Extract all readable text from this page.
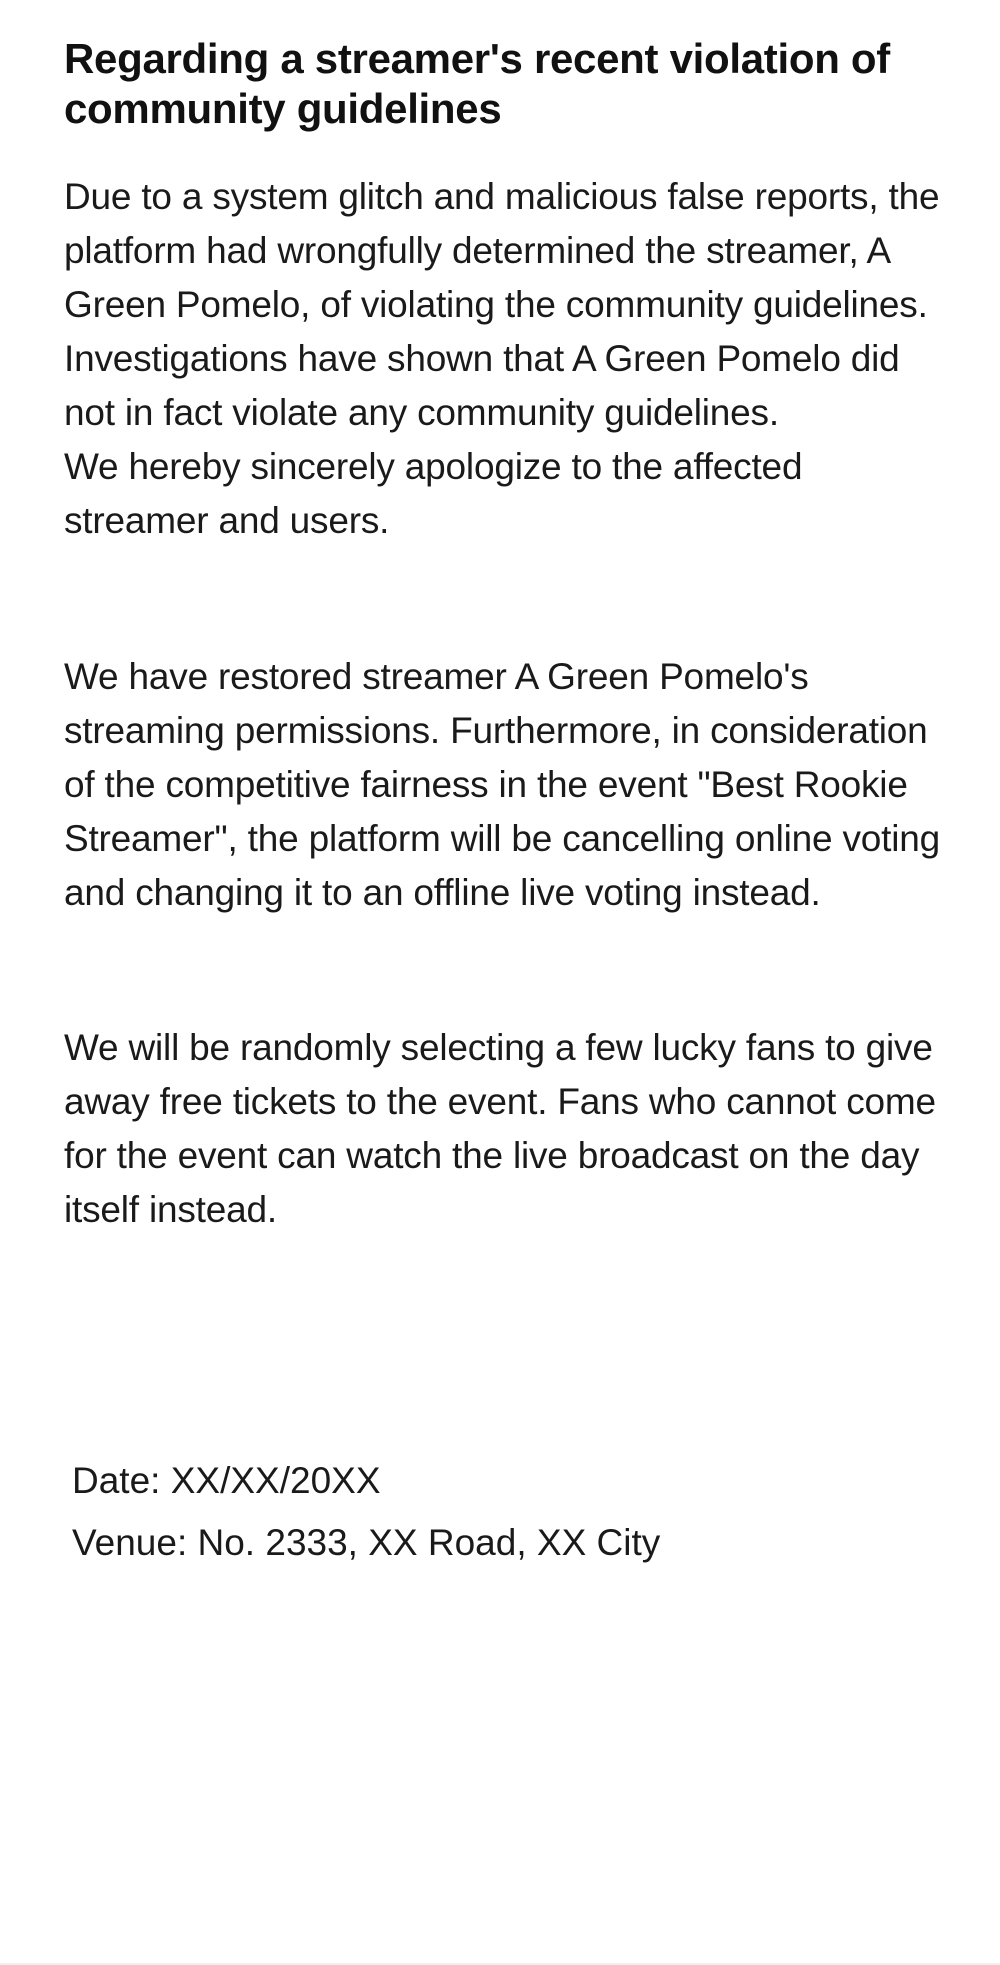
Regarding a streamer's recent violation of community guidelines

Due to a system glitch and malicious false reports, the platform had wrongfully determined the streamer, A Green Pomelo, of violating the community guidelines. Investigations have shown that A Green Pomelo did not in fact violate any community guidelines.

We hereby sincerely apologize to the affected streamer and users.

We have restored streamer A Green Pomelo's streaming permissions. Furthermore, in consideration of the competitive fairness in the event "Best Rookie Streamer", the platform will be cancelling online voting and changing it to an offline live voting instead.

We will be randomly selecting a few lucky fans to give away free tickets to the event. Fans who cannot come for the event can watch the live broadcast on the day itself instead.

Date: XX/XX/20XX
Venue: No. 2333, XX Road, XX City
